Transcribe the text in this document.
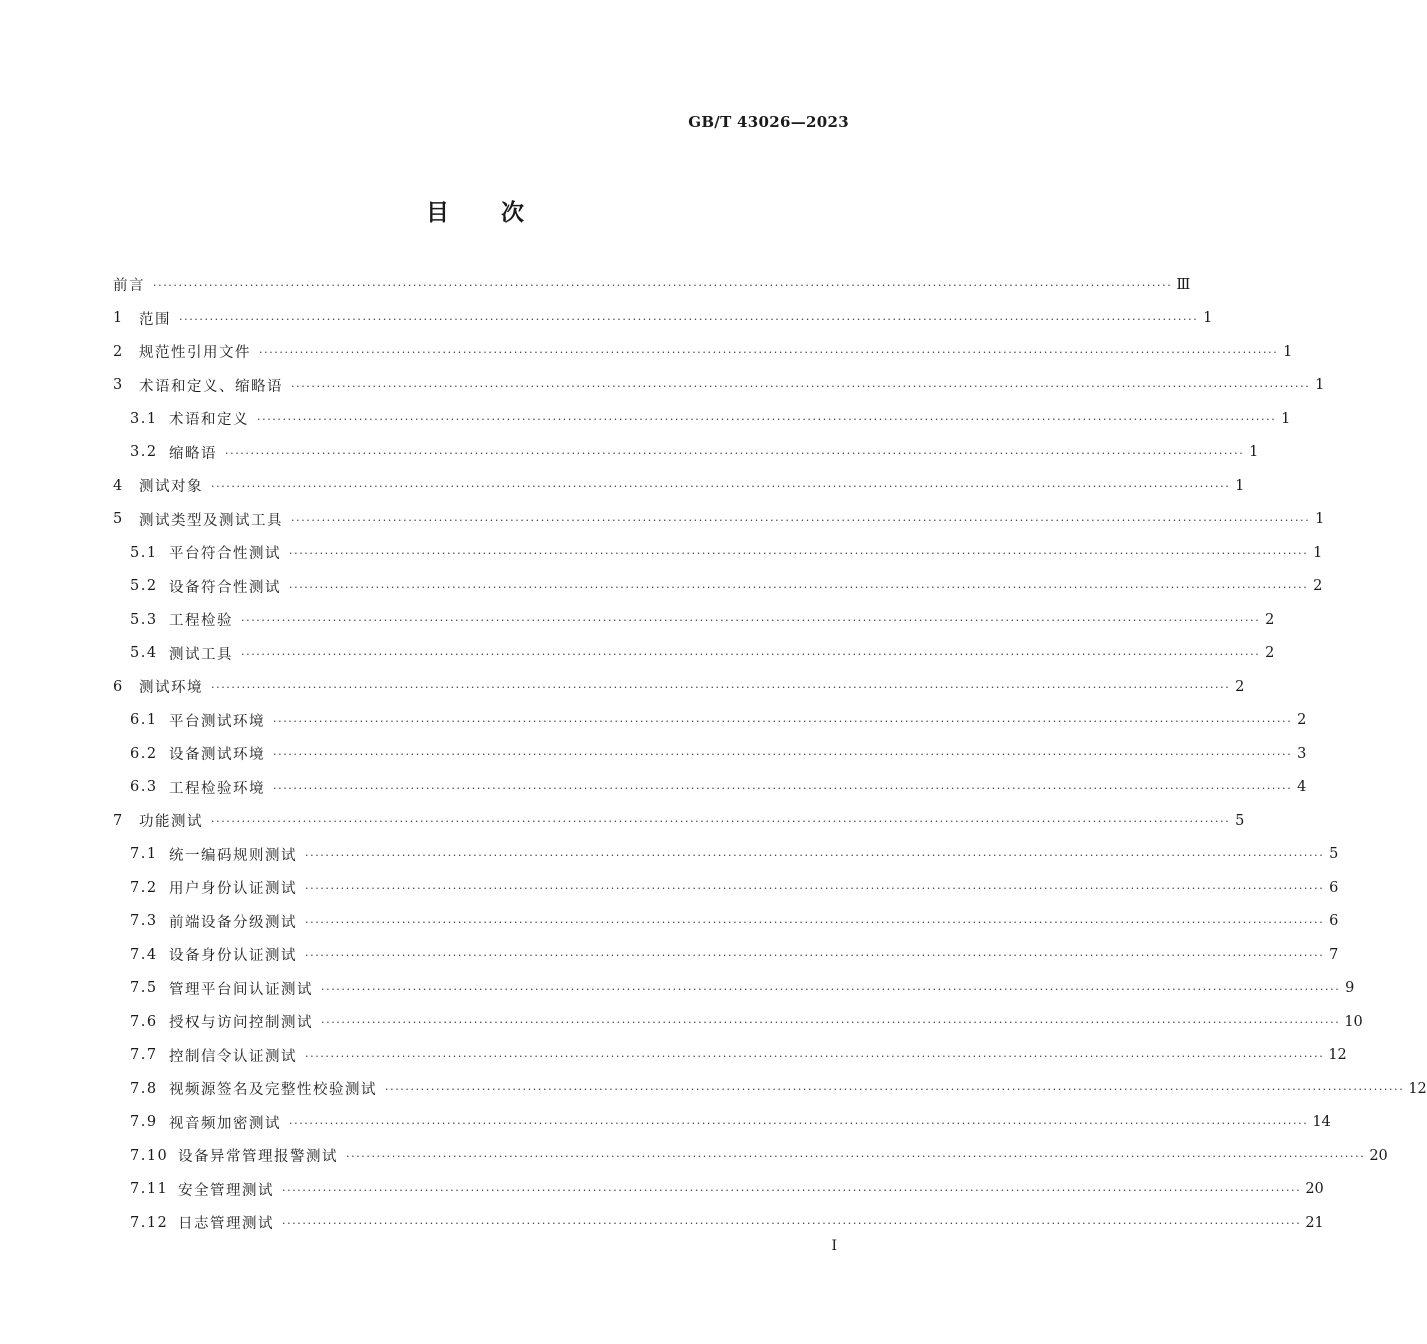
GB/T 43026—2023
目次
前言 ········································································································································································································ Ⅲ
1	范围 ········································································································································································································ 1
2	规范性引用文件 ········································································································································································································ 1
3	术语和定义、缩略语 ········································································································································································································ 1
3.1 术语和定义 ········································································································································································································ 1
3.2 缩略语 ········································································································································································································ 1
4	测试对象 ········································································································································································································ 1
5	测试类型及测试工具 ········································································································································································································ 1
5.1 平台符合性测试 ········································································································································································································ 1
5.2 设备符合性测试 ········································································································································································································ 2
5.3 工程检验 ········································································································································································································ 2
5.4 测试工具 ········································································································································································································ 2
6	测试环境 ········································································································································································································ 2
6.1 平台测试环境 ········································································································································································································ 2
6.2 设备测试环境 ········································································································································································································ 3
6.3 工程检验环境 ········································································································································································································ 4
7	功能测试 ········································································································································································································ 5
7.1 统一编码规则测试 ········································································································································································································ 5
7.2 用户身份认证测试 ········································································································································································································ 6
7.3 前端设备分级测试 ········································································································································································································ 6
7.4 设备身份认证测试 ········································································································································································································ 7
7.5 管理平台间认证测试 ········································································································································································································ 9
7.6 授权与访问控制测试 ········································································································································································································ 10
7.7 控制信令认证测试 ········································································································································································································ 12
7.8 视频源签名及完整性校验测试 ········································································································································································································ 12
7.9 视音频加密测试 ········································································································································································································ 14
7.10 设备异常管理报警测试 ········································································································································································································ 20
7.11 安全管理测试 ········································································································································································································ 20
7.12 日志管理测试 ········································································································································································································ 21
Ⅰ
